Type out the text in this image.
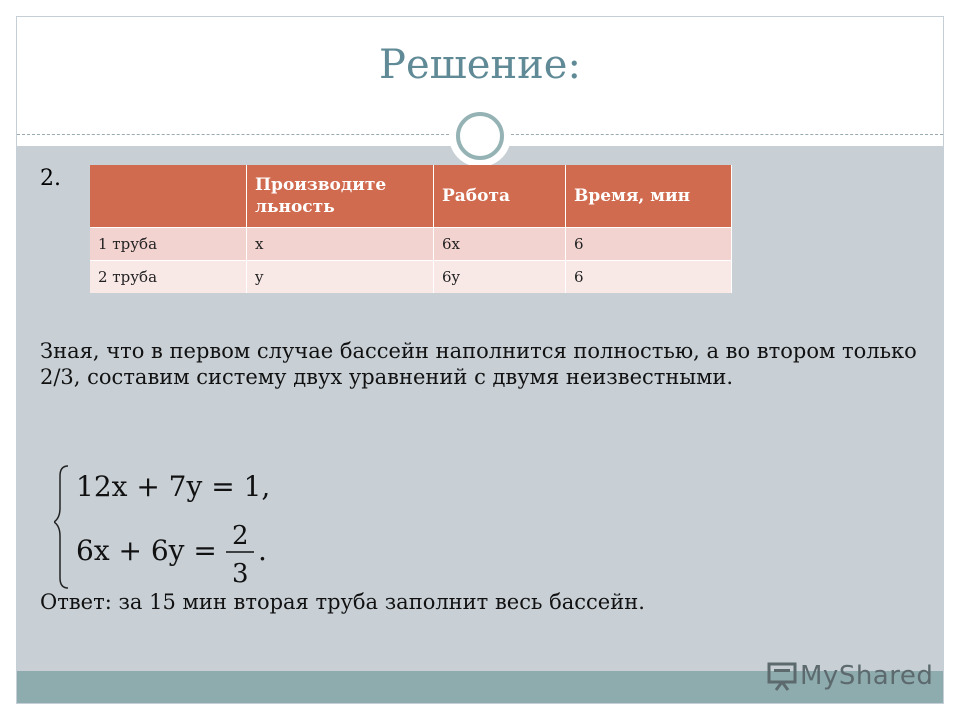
Решение:
2.
		Производите льность	Работа	Время, мин
1 труба	x	6x	6
2 труба	y	6y	6
Зная, что в первом случае бассейн наполнится полностью, а во втором только 2/3, составим систему двух уравнений с двумя неизвестными.
12x + 7y = 1,
6x + 6y = 2
3
.
Ответ: за 15 мин вторая труба заполнит весь бассейн.
MyShared
